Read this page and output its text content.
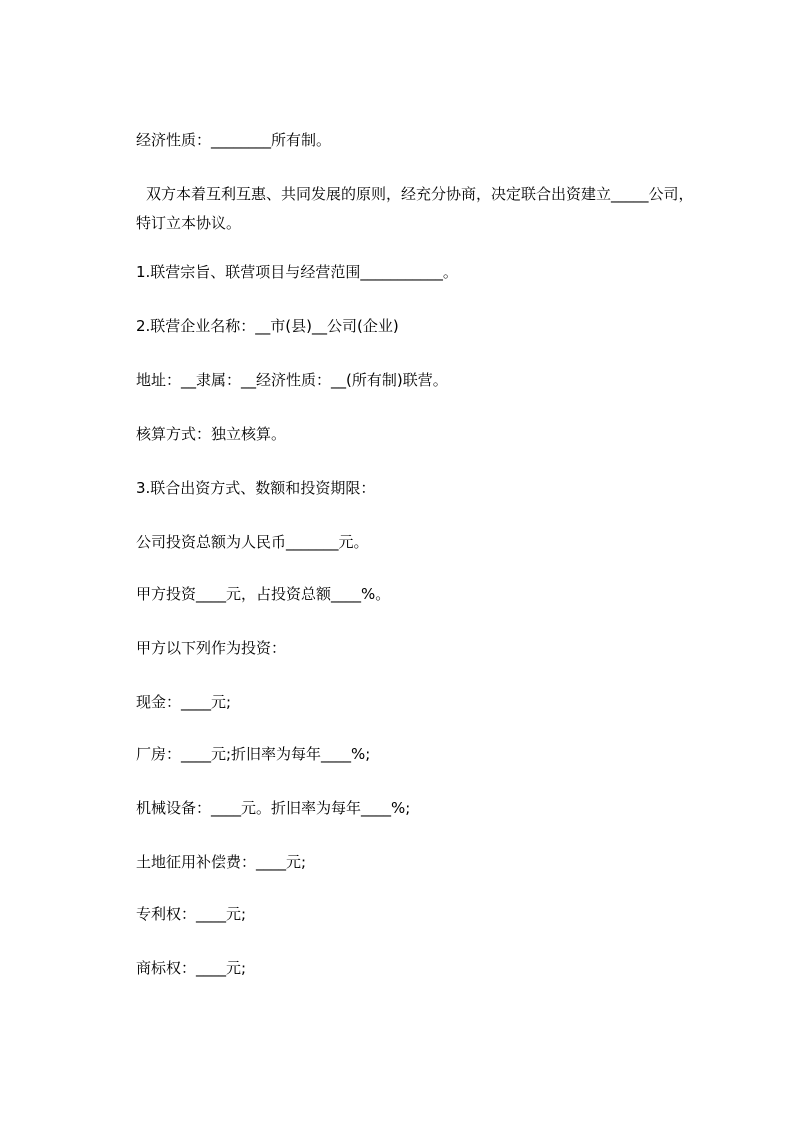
经济性质：________所有制。

双方本着互利互惠、共同发展的原则，经充分协商，决定联合出资建立_____公司，特订立本协议。

1.联营宗旨、联营项目与经营范围___________。

2.联营企业名称：__市(县)__公司(企业)

地址：__隶属：__经济性质：__(所有制)联营。

核算方式：独立核算。

3.联合出资方式、数额和投资期限：

公司投资总额为人民币_______元。

甲方投资____元，占投资总额____%。

甲方以下列作为投资：

现金：____元;

厂房：____元;折旧率为每年____%;

机械设备：____元。折旧率为每年____%;

土地征用补偿费：____元;

专利权：____元;

商标权：____元;
